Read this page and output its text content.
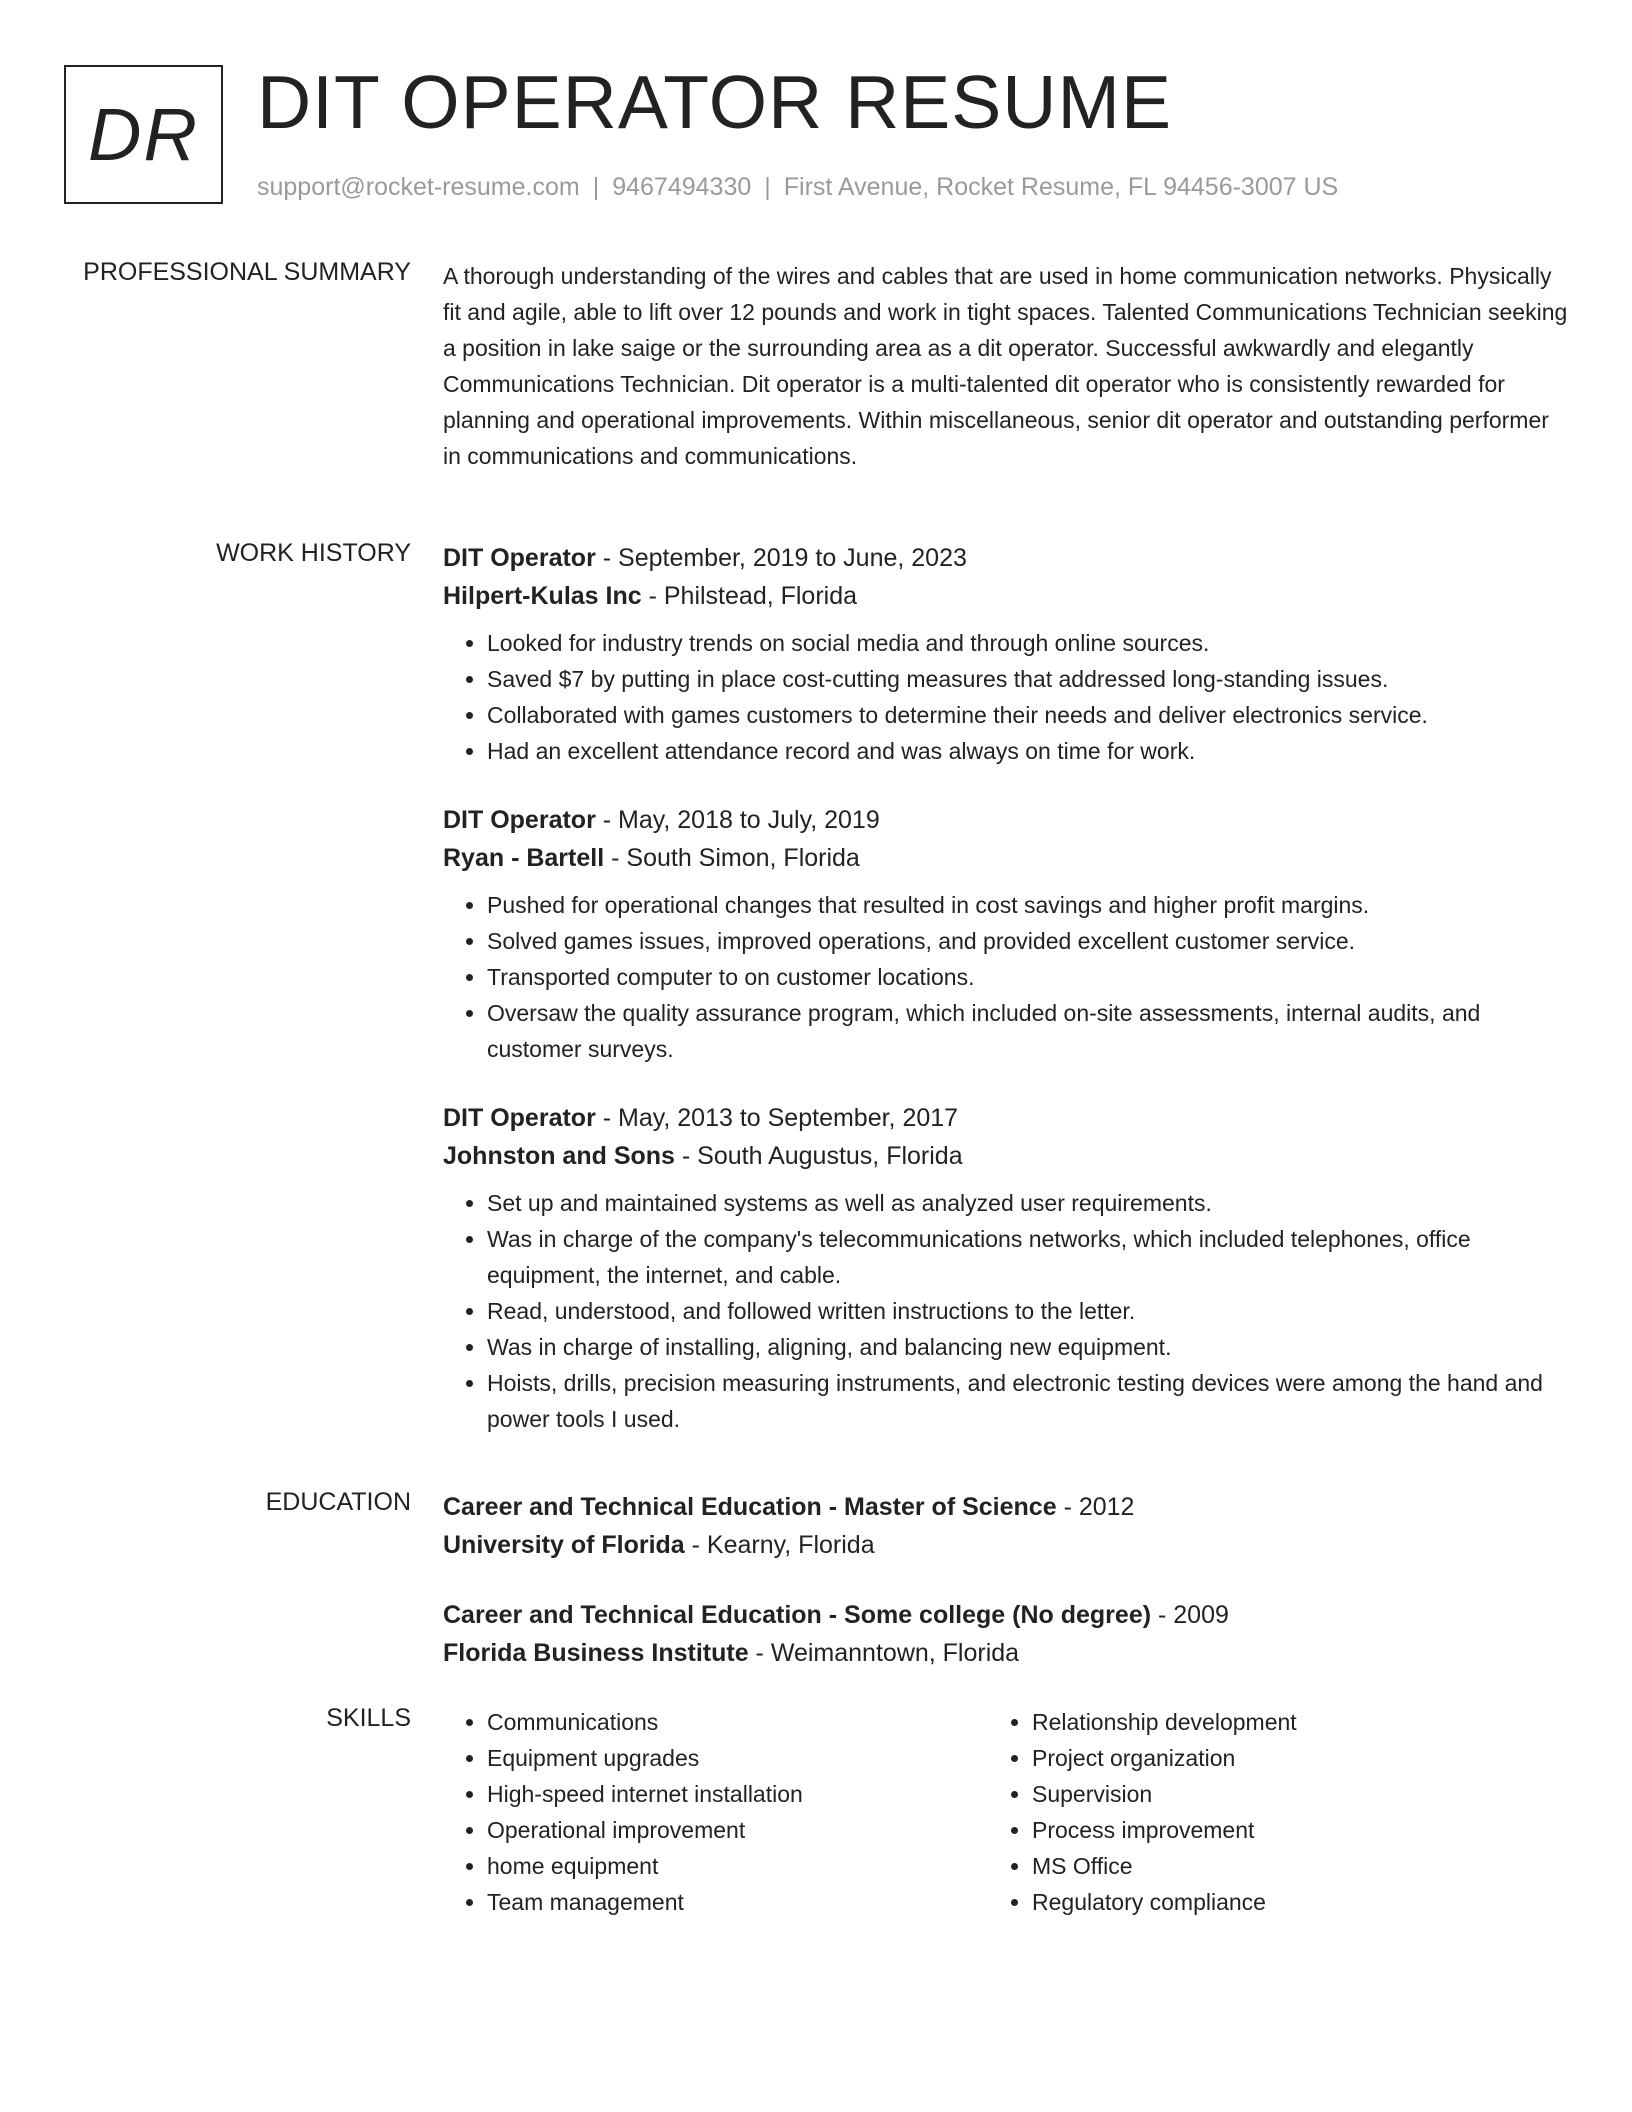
DR DIT OPERATOR RESUME
support@rocket-resume.com | 9467494330 | First Avenue, Rocket Resume, FL 94456-3007 US
PROFESSIONAL SUMMARY A thorough understanding of the wires and cables that are used in home communication networks. Physically fit and agile, able to lift over 12 pounds and work in tight spaces. Talented Communications Technician seeking a position in lake saige or the surrounding area as a dit operator. Successful awkwardly and elegantly Communications Technician. Dit operator is a multi-talented dit operator who is consistently rewarded for planning and operational improvements. Within miscellaneous, senior dit operator and outstanding performer in communications and communications.

WORK HISTORY DIT Operator - September, 2019 to June, 2023
Hilpert-Kulas Inc - Philstead, Florida
• Looked for industry trends on social media and through online sources.
• Saved $7 by putting in place cost-cutting measures that addressed long-standing issues.
• Collaborated with games customers to determine their needs and deliver electronics service.
• Had an excellent attendance record and was always on time for work.
DIT Operator - May, 2018 to July, 2019
Ryan - Bartell - South Simon, Florida
• Pushed for operational changes that resulted in cost savings and higher profit margins.
• Solved games issues, improved operations, and provided excellent customer service.
• Transported computer to on customer locations.
• Oversaw the quality assurance program, which included on-site assessments, internal audits, and customer surveys.
DIT Operator - May, 2013 to September, 2017
Johnston and Sons - South Augustus, Florida
• Set up and maintained systems as well as analyzed user requirements.
• Was in charge of the company's telecommunications networks, which included telephones, office equipment, the internet, and cable.
• Read, understood, and followed written instructions to the letter.
• Was in charge of installing, aligning, and balancing new equipment.
• Hoists, drills, precision measuring instruments, and electronic testing devices were among the hand and power tools I used.
EDUCATION Career and Technical Education - Master of Science - 2012
University of Florida - Kearny, Florida
Career and Technical Education - Some college (No degree) - 2009
Florida Business Institute - Weimanntown, Florida
SKILLS
•	Communications
• Equipment upgrades
• High-speed internet installation
• Operational improvement
• home equipment
• Team management
• Relationship development
• Project organization
• Supervision
• Process improvement
• MS Office
• Regulatory compliance
